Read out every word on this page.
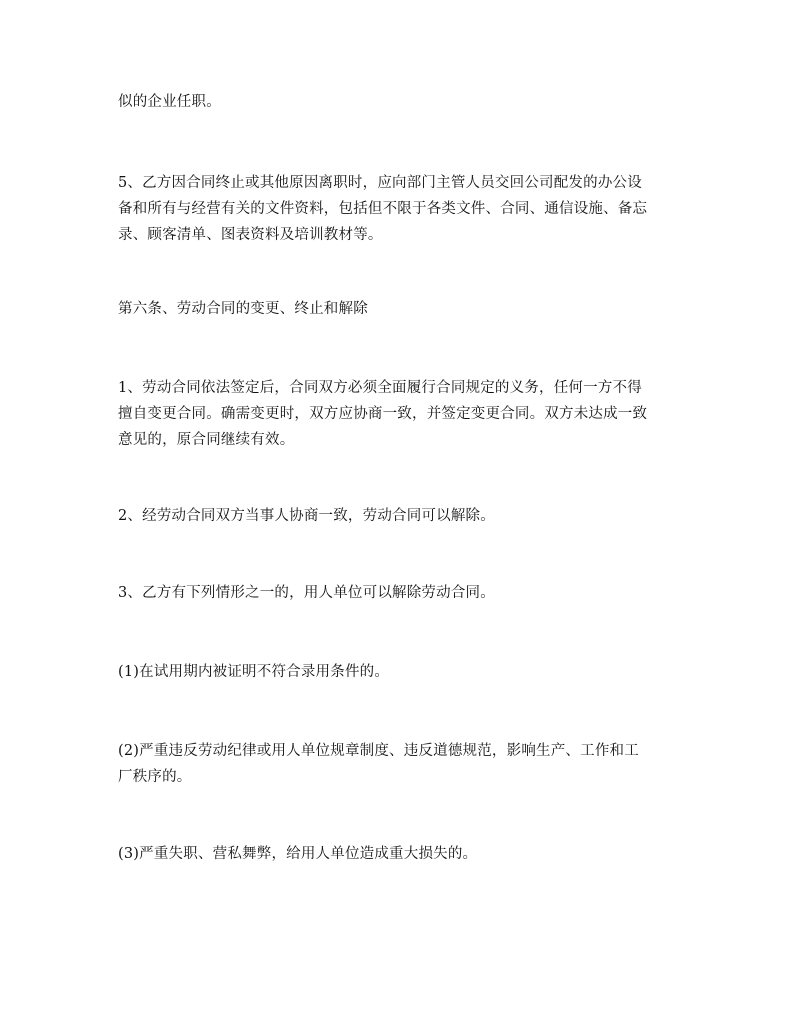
似的企业任职。

5、乙方因合同终止或其他原因离职时，应向部门主管人员交回公司配发的办公设
备和所有与经营有关的文件资料，包括但不限于各类文件、合同、通信设施、备忘
录、顾客清单、图表资料及培训教材等。

第六条、劳动合同的变更、终止和解除

1、劳动合同依法签定后，合同双方必须全面履行合同规定的义务，任何一方不得
擅自变更合同。确需变更时，双方应协商一致，并签定变更合同。双方未达成一致
意见的，原合同继续有效。

2、经劳动合同双方当事人协商一致，劳动合同可以解除。

3、乙方有下列情形之一的，用人单位可以解除劳动合同。

(1)在试用期内被证明不符合录用条件的。

(2)严重违反劳动纪律或用人单位规章制度、违反道德规范，影响生产、工作和工
厂秩序的。

(3)严重失职、营私舞弊，给用人单位造成重大损失的。
